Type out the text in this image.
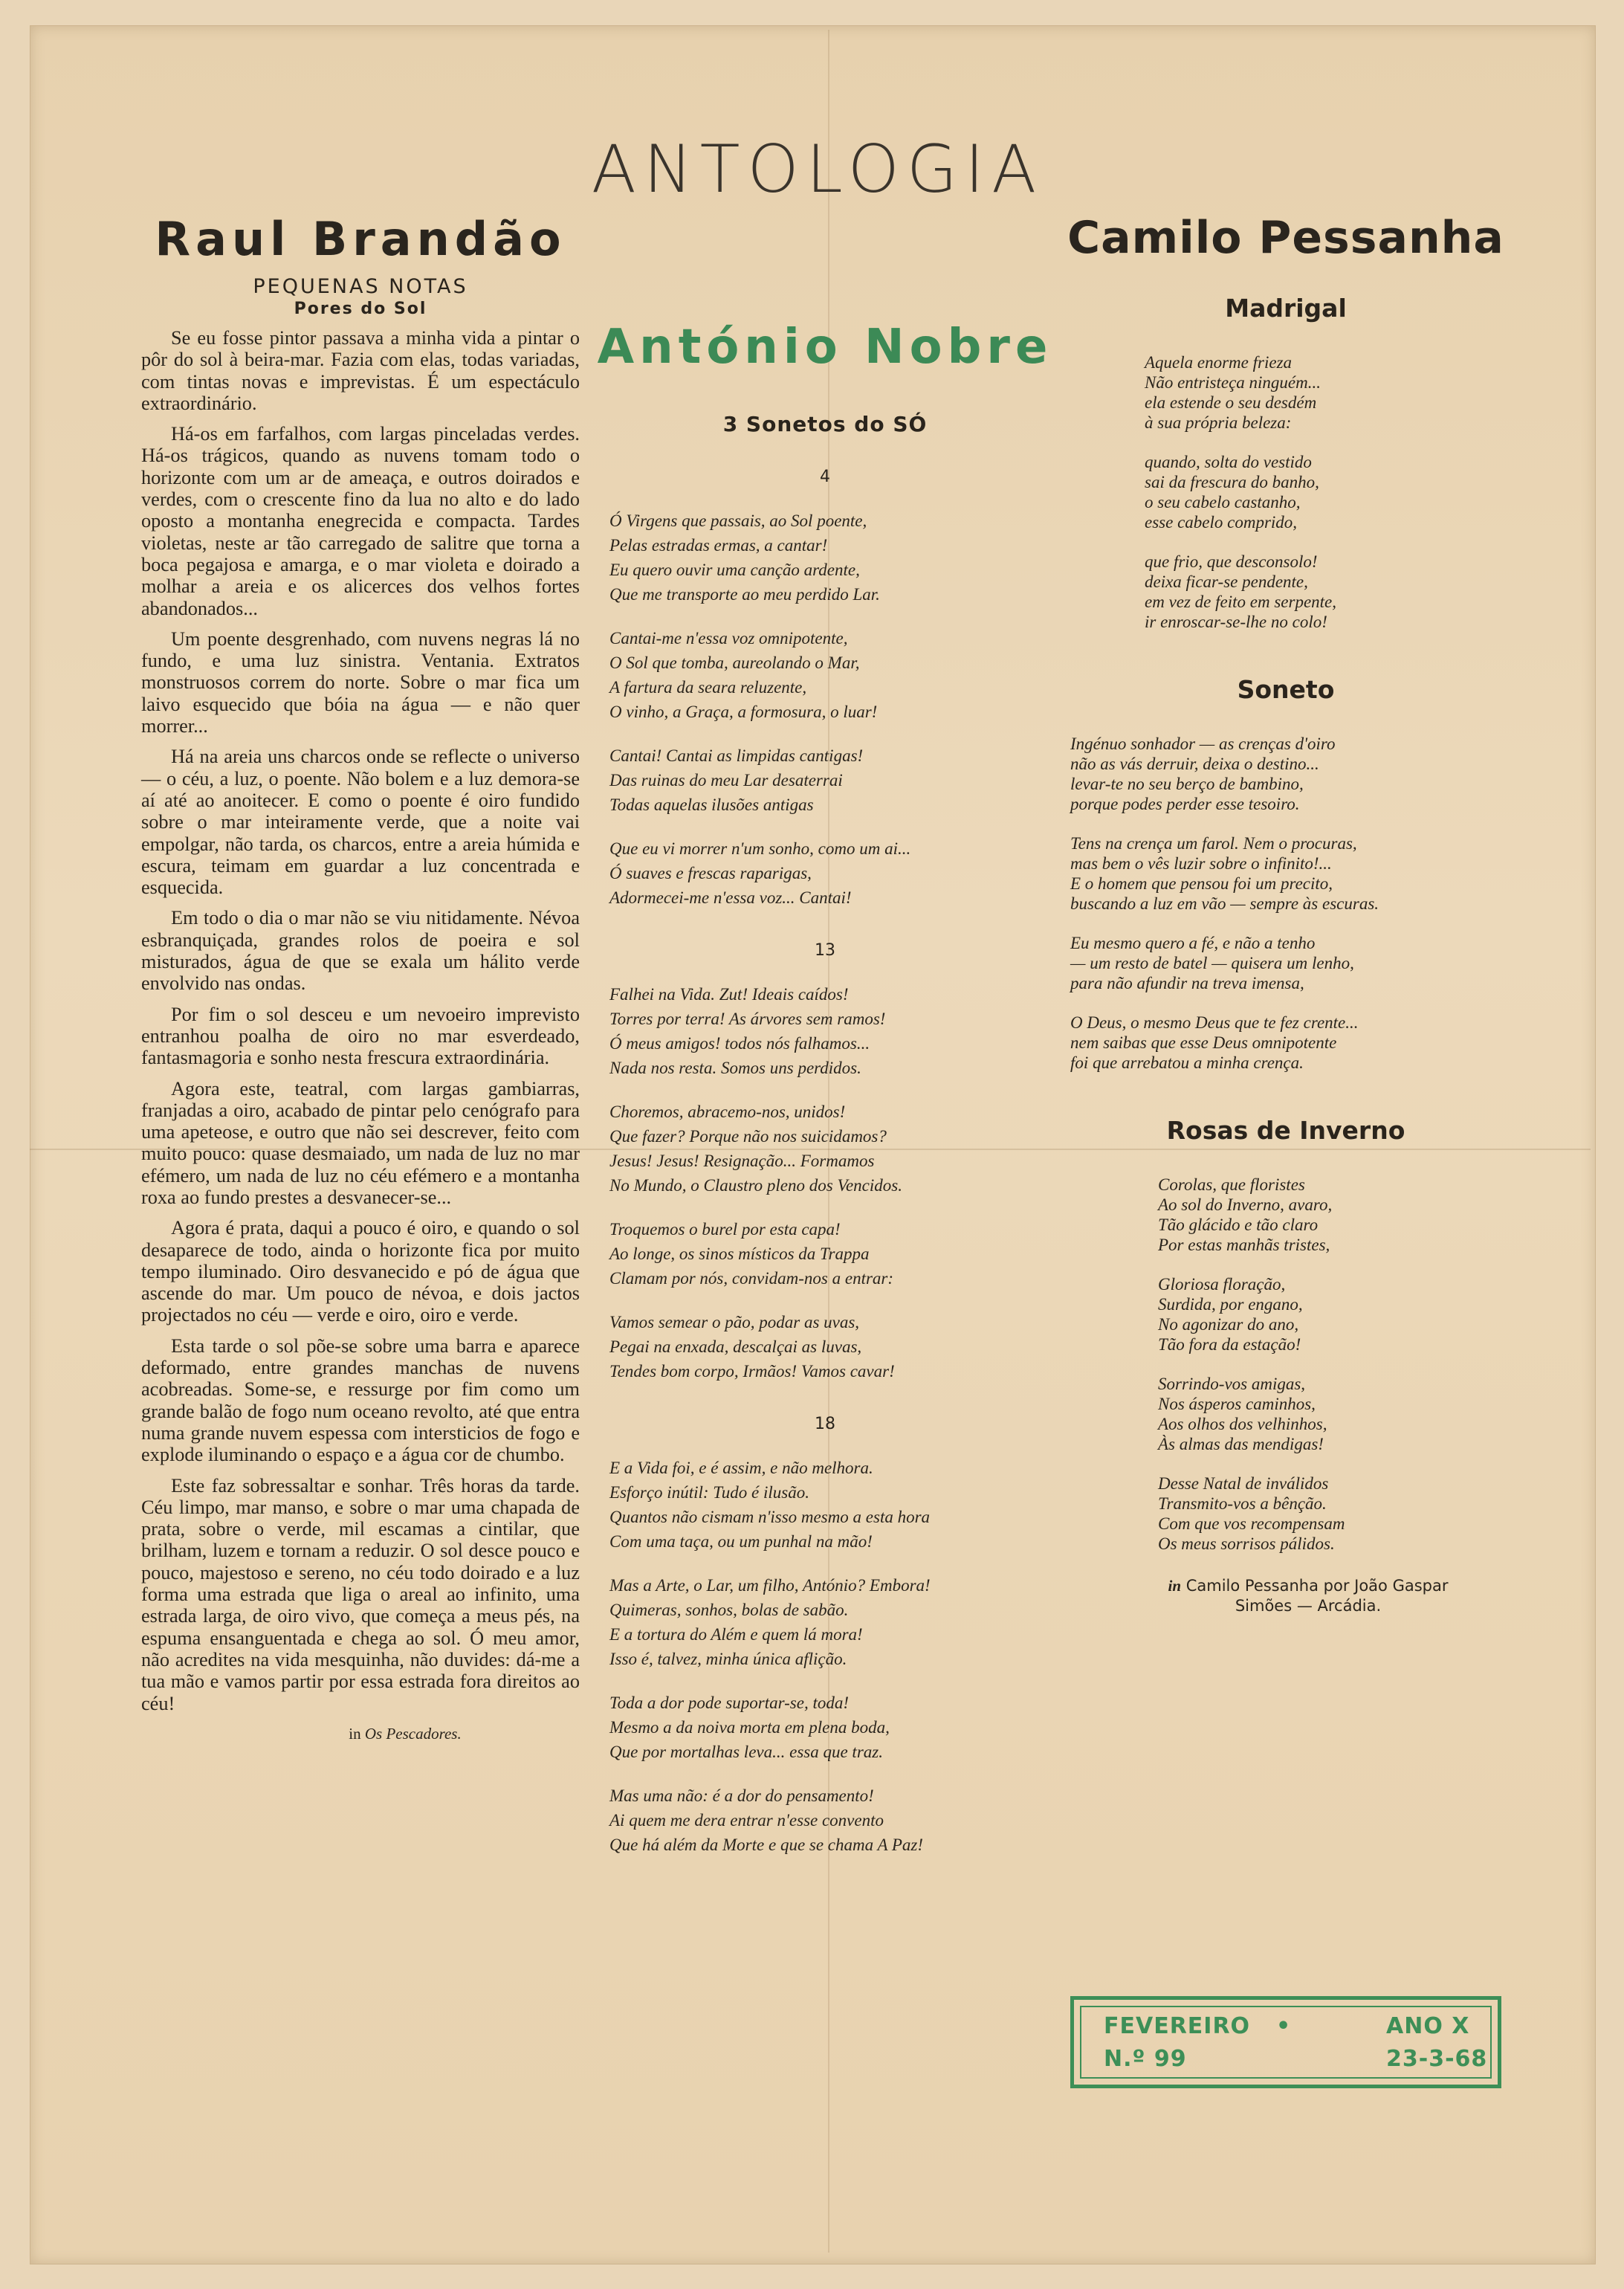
ANTOLOGIA
Raul Brandão
PEQUENAS NOTAS
Pores do Sol

Se eu fosse pintor passava a minha vida a pintar o pôr do sol à beira-mar. Fazia com elas, todas variadas, com tintas novas e imprevistas. É um espectáculo extraordinário.

Há-os em farfalhos, com largas pinceladas verdes. Há-os trágicos, quando as nuvens tomam todo o horizonte com um ar de ameaça, e outros doirados e verdes, com o crescente fino da lua no alto e do lado oposto a montanha enegrecida e compacta. Tardes violetas, neste ar tão carregado de salitre que torna a boca pegajosa e amarga, e o mar violeta e doirado a molhar a areia e os alicerces dos velhos fortes abandonados...

Um poente desgrenhado, com nuvens negras lá no fundo, e uma luz sinistra. Ventania. Extratos monstruosos correm do norte. Sobre o mar fica um laivo esquecido que bóia na água — e não quer morrer...

Há na areia uns charcos onde se reflecte o universo — o céu, a luz, o poente. Não bolem e a luz demora-se aí até ao anoitecer. E como o poente é oiro fundido sobre o mar inteiramente verde, que a noite vai empolgar, não tarda, os charcos, entre a areia húmida e escura, teimam em guardar a luz concentrada e esquecida.

Em todo o dia o mar não se viu nitidamente. Névoa esbranquiçada, grandes rolos de poeira e sol misturados, água de que se exala um hálito verde envolvido nas ondas.

Por fim o sol desceu e um nevoeiro imprevisto entranhou poalha de oiro no mar esverdeado, fantasmagoria e sonho nesta frescura extraordinária.

Agora este, teatral, com largas gambiarras, franjadas a oiro, acabado de pintar pelo cenógrafo para uma apeteose, e outro que não sei descrever, feito com muito pouco: quase desmaiado, um nada de luz no mar efémero, um nada de luz no céu efémero e a montanha roxa ao fundo prestes a desvanecer-se...

Agora é prata, daqui a pouco é oiro, e quando o sol desaparece de todo, ainda o horizonte fica por muito tempo iluminado. Oiro desvanecido e pó de água que ascende do mar. Um pouco de névoa, e dois jactos projectados no céu — verde e oiro, oiro e verde.

Esta tarde o sol põe-se sobre uma barra e aparece deformado, entre grandes manchas de nuvens acobreadas. Some-se, e ressurge por fim como um grande balão de fogo num oceano revolto, até que entra numa grande nuvem espessa com intersticios de fogo e explode iluminando o espaço e a água cor de chumbo.

Este faz sobressaltar e sonhar. Três horas da tarde. Céu limpo, mar manso, e sobre o mar uma chapada de prata, sobre o verde, mil escamas a cintilar, que brilham, luzem e tornam a reduzir. O sol desce pouco e pouco, majestoso e sereno, no céu todo doirado e a luz forma uma estrada que liga o areal ao infinito, uma estrada larga, de oiro vivo, que começa a meus pés, na espuma ensanguentada e chega ao sol. Ó meu amor, não acredites na vida mesquinha, não duvides: dá-me a tua mão e vamos partir por essa estrada fora direitos ao céu!

in Os Pescadores.
António Nobre
3 Sonetos do SÓ
4
Ó Virgens que passais, ao Sol poente,
Pelas estradas ermas, a cantar!
Eu quero ouvir uma canção ardente,
Que me transporte ao meu perdido Lar.
Cantai-me n'essa voz omnipotente,
O Sol que tomba, aureolando o Mar,
A fartura da seara reluzente,
O vinho, a Graça, a formosura, o luar!
Cantai! Cantai as limpidas cantigas!
Das ruinas do meu Lar desaterrai
Todas aquelas ilusões antigas
Que eu vi morrer n'um sonho, como um ai...
Ó suaves e frescas raparigas,
Adormecei-me n'essa voz... Cantai!
13
Falhei na Vida. Zut! Ideais caídos!
Torres por terra! As árvores sem ramos!
Ó meus amigos! todos nós falhamos...
Nada nos resta. Somos uns perdidos.
Choremos, abracemo-nos, unidos!
Que fazer? Porque não nos suicidamos?
Jesus! Jesus! Resignação... Formamos
No Mundo, o Claustro pleno dos Vencidos.
Troquemos o burel por esta capa!
Ao longe, os sinos místicos da Trappa
Clamam por nós, convidam-nos a entrar:
Vamos semear o pão, podar as uvas,
Pegai na enxada, descalçai as luvas,
Tendes bom corpo, Irmãos! Vamos cavar!
18
E a Vida foi, e é assim, e não melhora.
Esforço inútil: Tudo é ilusão.
Quantos não cismam n'isso mesmo a esta hora
Com uma taça, ou um punhal na mão!
Mas a Arte, o Lar, um filho, António? Embora!
Quimeras, sonhos, bolas de sabão.
E a tortura do Além e quem lá mora!
Isso é, talvez, minha única aflição.
Toda a dor pode suportar-se, toda!
Mesmo a da noiva morta em plena boda,
Que por mortalhas leva... essa que traz.
Mas uma não: é a dor do pensamento!
Ai quem me dera entrar n'esse convento
Que há além da Morte e que se chama A Paz!
Camilo Pessanha
Madrigal
Aquela enorme frieza
Não entristeça ninguém...
ela estende o seu desdém
à sua própria beleza:
quando, solta do vestido
sai da frescura do banho,
o seu cabelo castanho,
esse cabelo comprido,
que frio, que desconsolo!
deixa ficar-se pendente,
em vez de feito em serpente,
ir enroscar-se-lhe no colo!
Soneto
Ingénuo sonhador — as crenças d'oiro
não as vás derruir, deixa o destino...
levar-te no seu berço de bambino,
porque podes perder esse tesoiro.
Tens na crença um farol. Nem o procuras,
mas bem o vês luzir sobre o infinito!...
E o homem que pensou foi um precito,
buscando a luz em vão — sempre às escuras.
Eu mesmo quero a fé, e não a tenho
— um resto de batel — quisera um lenho,
para não afundir na treva imensa,
O Deus, o mesmo Deus que te fez crente...
nem saibas que esse Deus omnipotente
foi que arrebatou a minha crença.
Rosas de Inverno
Corolas, que floristes
Ao sol do Inverno, avaro,
Tão glácido e tão claro
Por estas manhãs tristes,
Gloriosa floração,
Surdida, por engano,
No agonizar do ano,
Tão fora da estação!
Sorrindo-vos amigas,
Nos ásperos caminhos,
Aos olhos dos velhinhos,
Às almas das mendigas!
Desse Natal de inválidos
Transmito-vos a bênção.
Com que vos recompensam
Os meus sorrisos pálidos.
in Camilo Pessanha por João Gaspar
Simões — Arcádia.
FEVEREIRO •	ANO X
N.º 99	23-3-68
